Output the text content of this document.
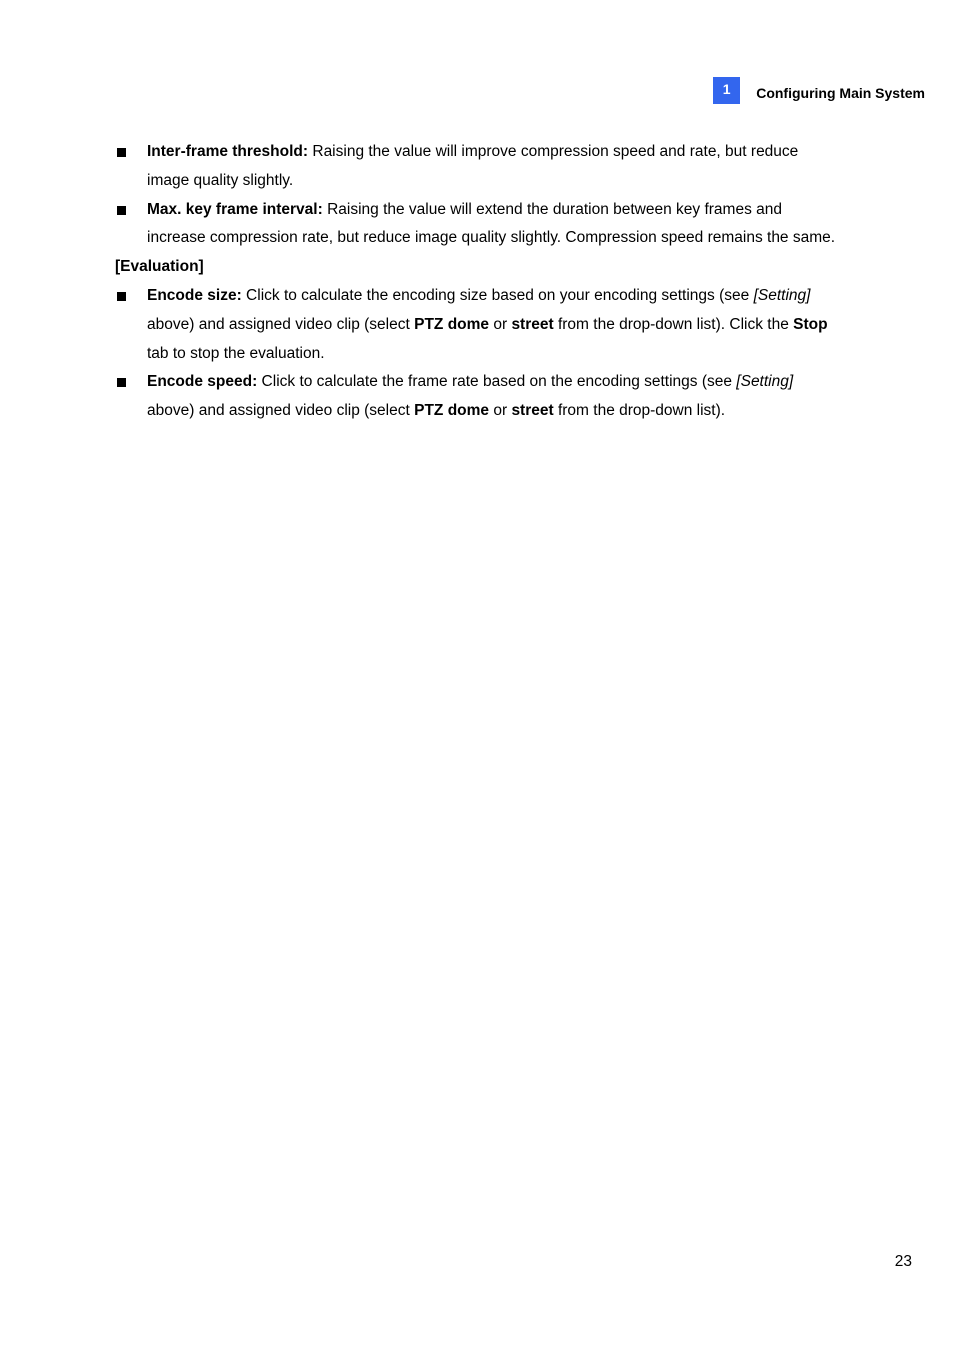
1	Configuring Main System
Inter-frame threshold: Raising the value will improve compression speed and rate, but reduce image quality slightly.
Max. key frame interval: Raising the value will extend the duration between key frames and increase compression rate, but reduce image quality slightly. Compression speed remains the same.
[Evaluation]
Encode size: Click to calculate the encoding size based on your encoding settings (see [Setting] above) and assigned video clip (select PTZ dome or street from the drop-down list). Click the Stop tab to stop the evaluation.
Encode speed: Click to calculate the frame rate based on the encoding settings (see [Setting] above) and assigned video clip (select PTZ dome or street from the drop-down list).
23
